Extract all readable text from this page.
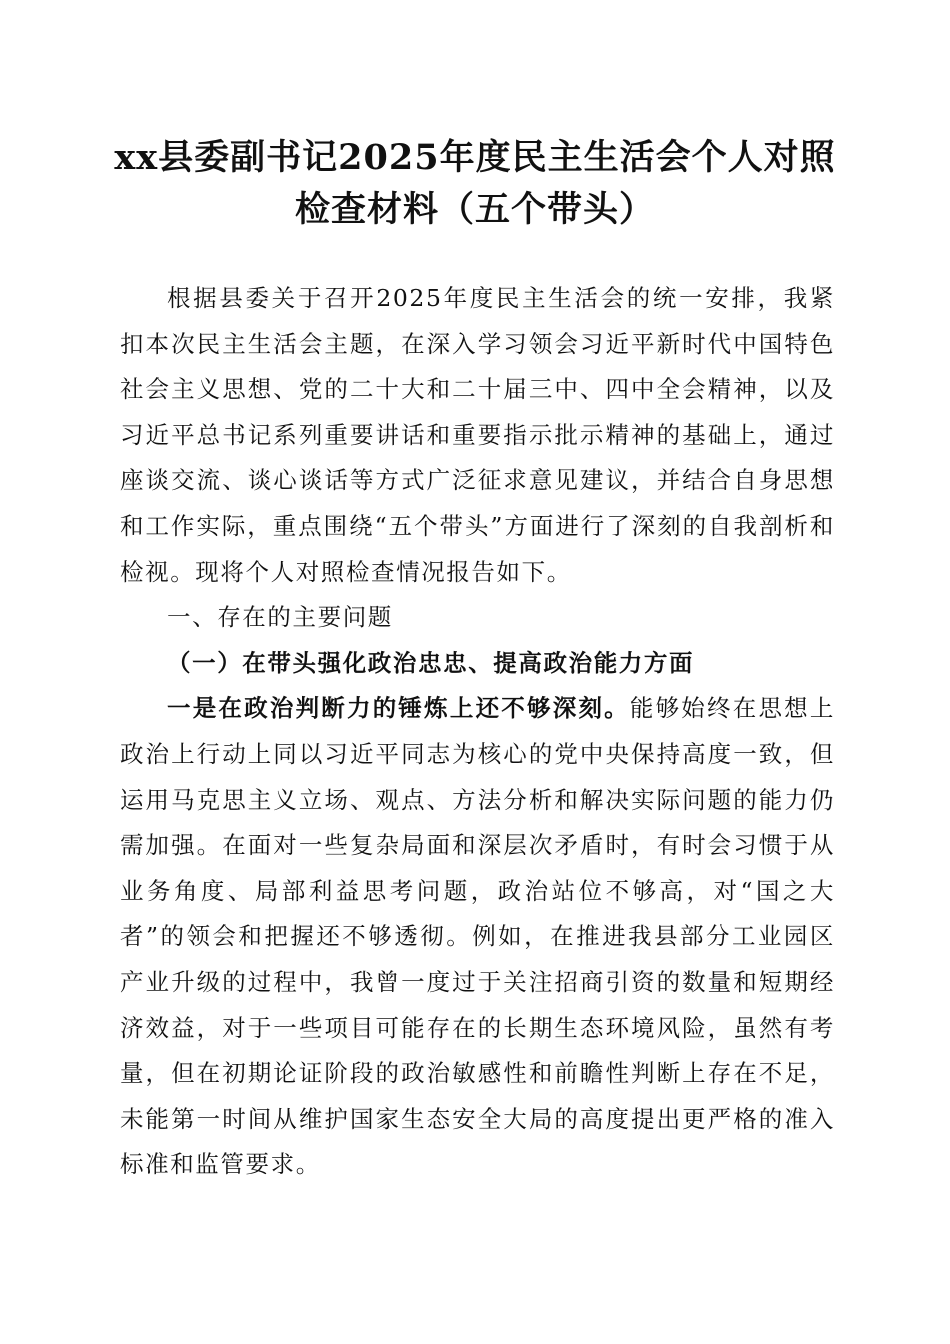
xx县委副书记2025年度民主生活会个人对照
检查材料（五个带头）

根据县委关于召开2025年度民主生活会的统一安排，我紧扣本次民主生活会主题，在深入学习领会习近平新时代中国特色社会主义思想、党的二十大和二十届三中、四中全会精神，以及习近平总书记系列重要讲话和重要指示批示精神的基础上，通过座谈交流、谈心谈话等方式广泛征求意见建议，并结合自身思想和工作实际，重点围绕“五个带头”方面进行了深刻的自我剖析和检视。现将个人对照检查情况报告如下。

一、存在的主要问题

（一）在带头强化政治忠忠、提高政治能力方面

一是在政治判断力的锤炼上还不够深刻。能够始终在思想上政治上行动上同以习近平同志为核心的党中央保持高度一致，但运用马克思主义立场、观点、方法分析和解决实际问题的能力仍需加强。在面对一些复杂局面和深层次矛盾时，有时会习惯于从业务角度、局部利益思考问题，政治站位不够高，对“国之大者”的领会和把握还不够透彻。例如，在推进我县部分工业园区产业升级的过程中，我曾一度过于关注招商引资的数量和短期经济效益，对于一些项目可能存在的长期生态环境风险，虽然有考量，但在初期论证阶段的政治敏感性和前瞻性判断上存在不足，未能第一时间从维护国家生态安全大局的高度提出更严格的准入标准和监管要求。
